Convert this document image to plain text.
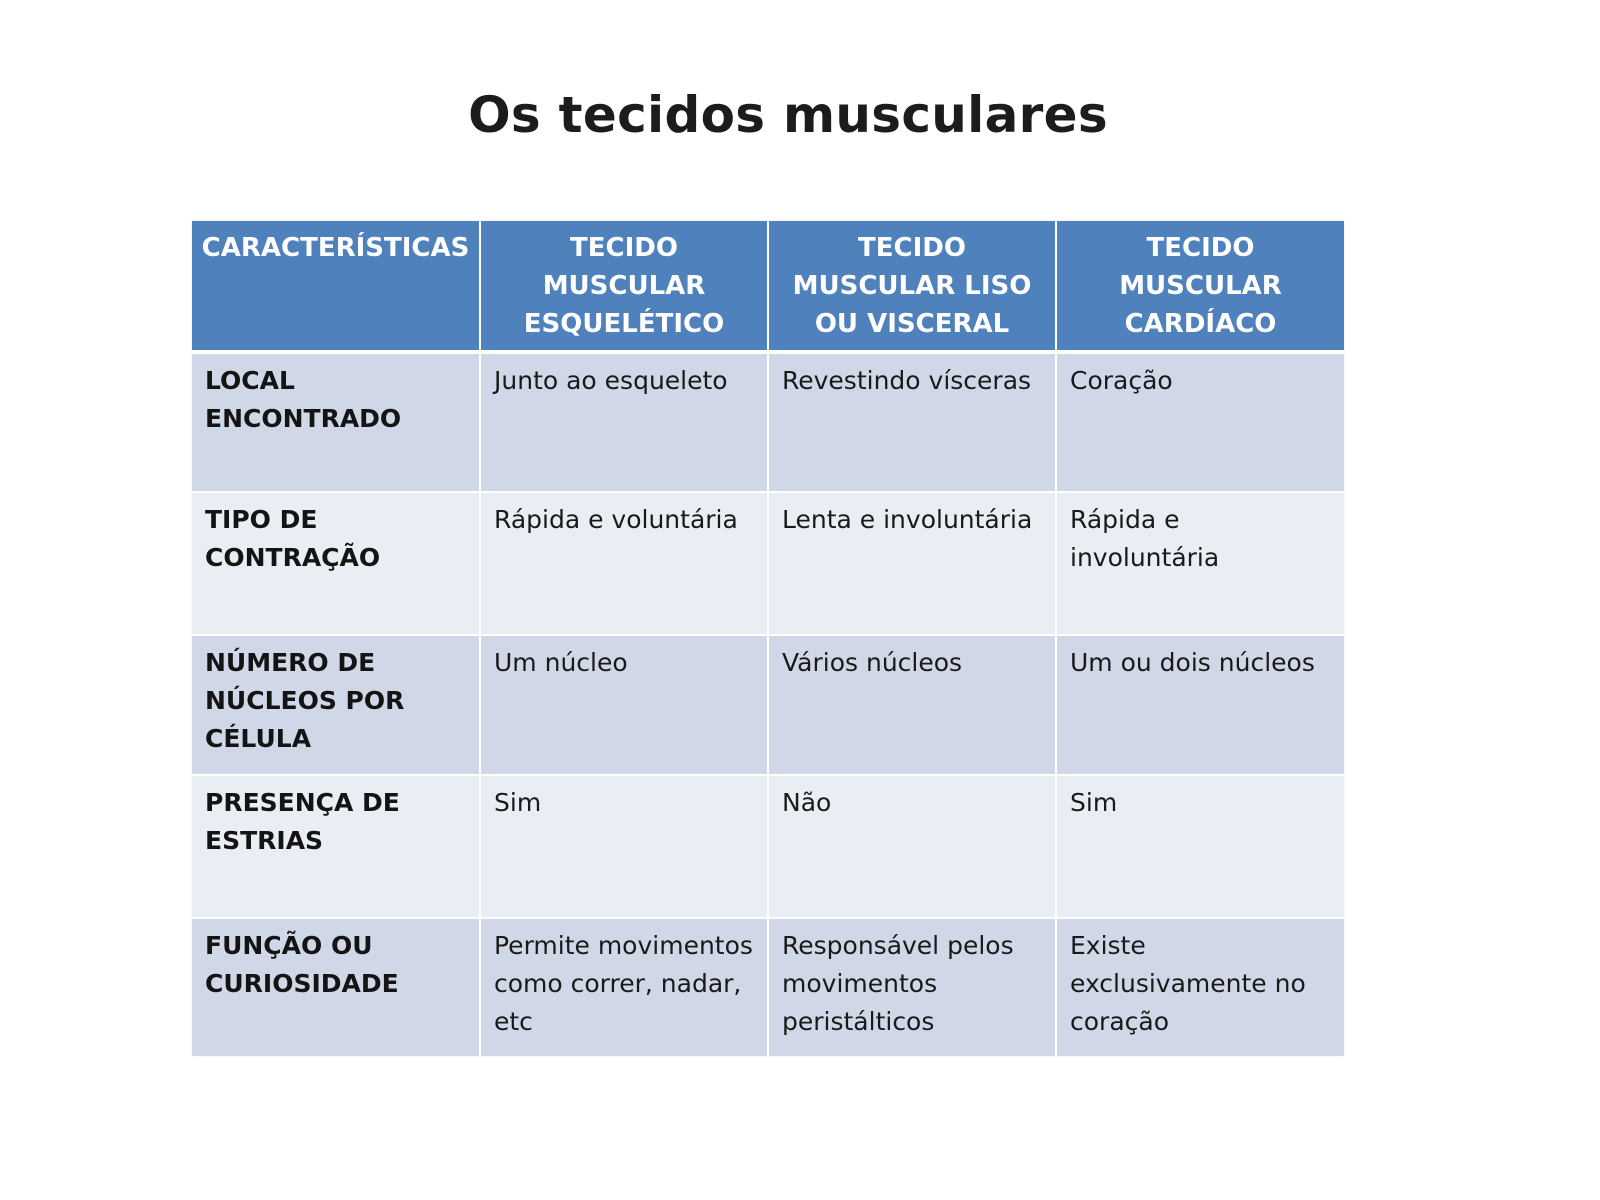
Os tecidos musculares
CARACTERÍSTICAS	TECIDO MUSCULAR ESQUELÉTICO	TECIDO MUSCULAR LISO OU VISCERAL	TECIDO MUSCULAR CARDÍACO
LOCAL ENCONTRADO	Junto ao esqueleto	Revestindo vísceras	Coração
TIPO DE CONTRAÇÃO	Rápida e voluntária	Lenta e involuntária	Rápida e involuntária
NÚMERO DE NÚCLEOS POR CÉLULA	Um núcleo	Vários núcleos	Um ou dois núcleos
PRESENÇA DE ESTRIAS	Sim	Não	Sim
FUNÇÃO OU CURIOSIDADE	Permite movimentos como correr, nadar, etc	Responsável pelos movimentos peristálticos	Existe exclusivamente no coração
